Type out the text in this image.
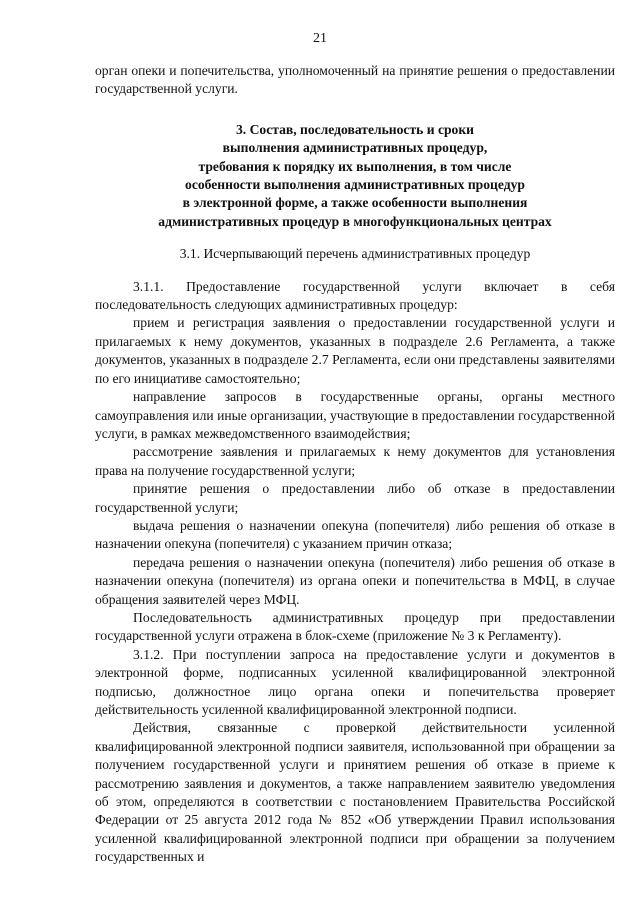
21

орган опеки и попечительства, уполномоченный на принятие решения о предоставлении государственной услуги.

3. Состав, последовательность и сроки
выполнения административных процедур,
требования к порядку их выполнения, в том числе
особенности выполнения административных процедур
в электронной форме, а также особенности выполнения
административных процедур в многофункциональных центрах
3.1. Исчерпывающий перечень административных процедур

3.1.1. Предоставление государственной услуги включает в себя последовательность следующих административных процедур:

прием и регистрация заявления о предоставлении государственной услуги и прилагаемых к нему документов, указанных в подразделе 2.6 Регламента, а также документов, указанных в подразделе 2.7 Регламента, если они представлены заявителями по его инициативе самостоятельно;

направление запросов в государственные органы, органы местного самоуправления или иные организации, участвующие в предоставлении государственной услуги, в рамках межведомственного взаимодействия;

рассмотрение заявления и прилагаемых к нему документов для установления права на получение государственной услуги;

принятие решения о предоставлении либо об отказе в предоставлении государственной услуги;

выдача решения о назначении опекуна (попечителя) либо решения об отказе в назначении опекуна (попечителя) с указанием причин отказа;

передача решения о назначении опекуна (попечителя) либо решения об отказе в назначении опекуна (попечителя) из органа опеки и попечительства в МФЦ, в случае обращения заявителей через МФЦ.

Последовательность административных процедур при предоставлении государственной услуги отражена в блок-схеме (приложение № 3 к Регламенту).

3.1.2. При поступлении запроса на предоставление услуги и документов в электронной форме, подписанных усиленной квалифицированной электронной подписью, должностное лицо органа опеки и попечительства проверяет действительность усиленной квалифицированной электронной подписи.

Действия, связанные с проверкой действительности усиленной квалифицированной электронной подписи заявителя, использованной при обращении за получением государственной услуги и принятием решения об отказе в приеме к рассмотрению заявления и документов, а также направлением заявителю уведомления об этом, определяются в соответствии с постановлением Правительства Российской Федерации от 25 августа 2012 года № 852 «Об утверждении Правил использования усиленной квалифицированной электронной подписи при обращении за получением государственных и
